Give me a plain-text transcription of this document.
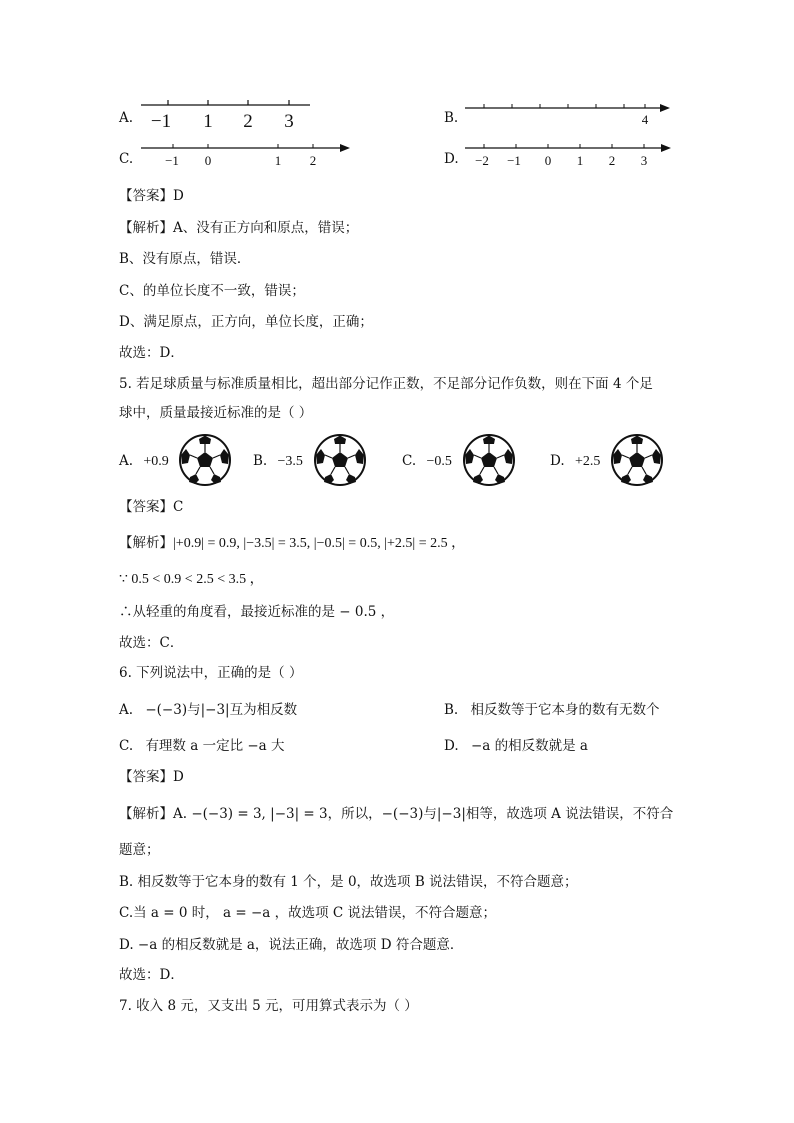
A. −1 1 2 3	B.	4
C. −1 0	1 2	D. −2 −1 0 1 2 3
【答案】D
【解析】A、没有正方向和原点，错误；
B、没有原点，错误．
C、的单位长度不一致，错误；
D、满足原点，正方向，单位长度，正确；
故选：D．
5. 若足球质量与标准质量相比，超出部分记作正数，不足部分记作负数，则在下面 4 个足
球中，质量最接近标准的是（ ）
A. +0.9	B. −3.5	C. −0.5	D. +2.5
【答案】C
【解析】|+0.9| = 0.9, |−3.5| = 3.5, |−0.5| = 0.5, |+2.5| = 2.5 ，
∵ 0.5 < 0.9 < 2.5 < 3.5 ，
∴从轻重的角度看，最接近标准的是 − 0.5 ，
故选：C．
6. 下列说法中，正确的是（ ）
A. −(−3)与|−3|互为相反数	B. 相反数等于它本身的数有无数个
C. 有理数 a 一定比 −a 大	D. −a 的相反数就是 a
【答案】D
【解析】A. −(−3) = 3, |−3| = 3，所以，−(−3)与|−3|相等，故选项 A 说法错误，不符合
题意；
B. 相反数等于它本身的数有 1 个，是 0，故选项 B 说法错误，不符合题意；
C.当 a = 0 时， a = −a ，故选项 C 说法错误，不符合题意；
D. −a 的相反数就是 a，说法正确，故选项 D 符合题意．
故选：D．
7. 收入 8 元，又支出 5 元，可用算式表示为（ ）
